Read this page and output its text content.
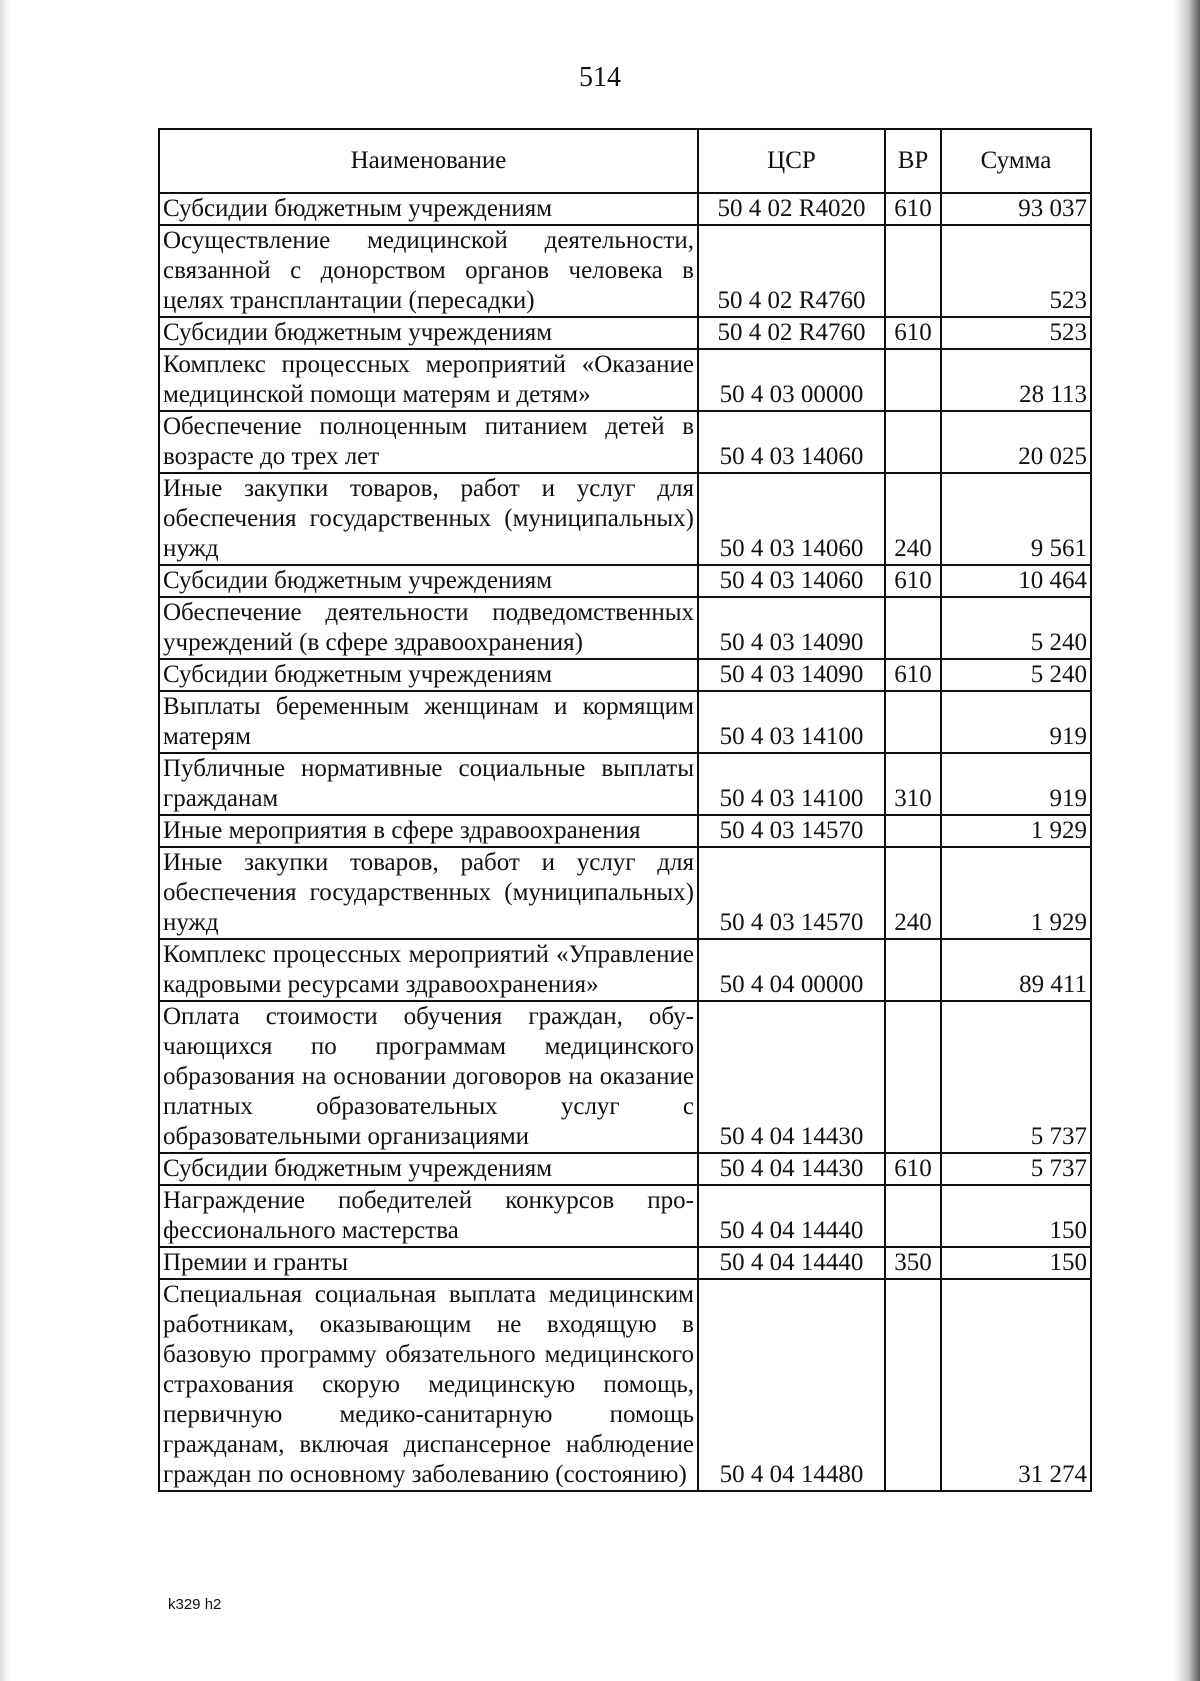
514
Наименование	ЦСР	ВР	Сумма
Субсидии бюджетным учреждениям	50 4 02 R4020	610	93 037
Осуществление медицинской деятельности, связанной с донорством органов человека в целях трансплантации (пересадки)	50 4 02 R4760		523
Субсидии бюджетным учреждениям	50 4 02 R4760	610	523
Комплекс процессных мероприятий «Оказание медицинской помощи матерям и детям»	50 4 03 00000		28 113
Обеспечение полноценным питанием детей в возрасте до трех лет	50 4 03 14060		20 025
Иные закупки товаров, работ и услуг для обеспечения государственных (муниципальных) нужд	50 4 03 14060	240	9 561
Субсидии бюджетным учреждениям	50 4 03 14060	610	10 464
Обеспечение деятельности подведомственных учреждений (в сфере здравоохранения)	50 4 03 14090		5 240
Субсидии бюджетным учреждениям	50 4 03 14090	610	5 240
Выплаты беременным женщинам и кормящим матерям	50 4 03 14100		919
Публичные нормативные социальные выплаты гражданам	50 4 03 14100	310	919
Иные мероприятия в сфере здравоохранения	50 4 03 14570		1 929
Иные закупки товаров, работ и услуг для обеспечения государственных (муниципальных) нужд	50 4 03 14570	240	1 929
Комплекс процессных мероприятий «Управление кадровыми ресурсами здравоохранения»	50 4 04 00000		89 411
Оплата стоимости обучения граждан, обучающихся по программам медицинского образования на основании договоров на оказание платных образовательных услуг с образовательными организациями	50 4 04 14430		5 737
Субсидии бюджетным учреждениям	50 4 04 14430	610	5 737
Награждение победителей конкурсов профессионального мастерства	50 4 04 14440		150
Премии и гранты	50 4 04 14440	350	150
Специальная социальная выплата медицинским работникам, оказывающим не входящую в базовую программу обязательного медицинского страхования скорую медицинскую помощь, первичную медико-санитарную помощь гражданам, включая диспансерное наблюдение граждан по основному заболеванию (состоянию)	50 4 04 14480		31 274
k329 h2
